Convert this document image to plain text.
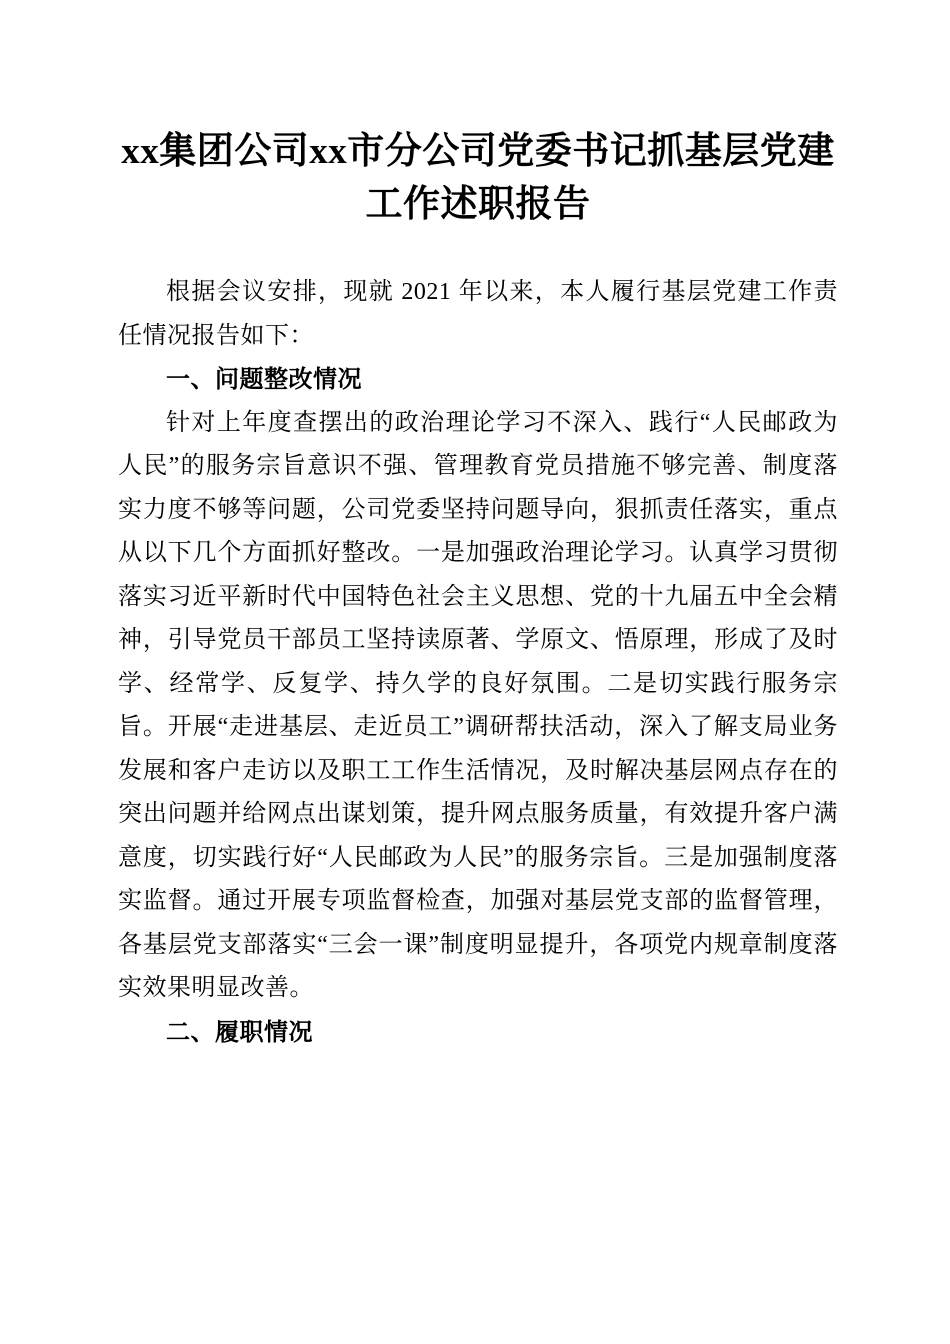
xx集团公司xx市分公司党委书记抓基层党建工作述职报告

根据会议安排，现就 2021 年以来，本人履行基层党建工作责任情况报告如下：

一、问题整改情况

针对上年度查摆出的政治理论学习不深入、践行“人民邮政为人民”的服务宗旨意识不强、管理教育党员措施不够完善、制度落实力度不够等问题，公司党委坚持问题导向，狠抓责任落实，重点从以下几个方面抓好整改。一是加强政治理论学习。认真学习贯彻落实习近平新时代中国特色社会主义思想、党的十九届五中全会精神，引导党员干部员工坚持读原著、学原文、悟原理，形成了及时学、经常学、反复学、持久学的良好氛围。二是切实践行服务宗旨。开展“走进基层、走近员工”调研帮扶活动，深入了解支局业务发展和客户走访以及职工工作生活情况，及时解决基层网点存在的突出问题并给网点出谋划策，提升网点服务质量，有效提升客户满意度，切实践行好“人民邮政为人民”的服务宗旨。三是加强制度落实监督。通过开展专项监督检查，加强对基层党支部的监督管理，各基层党支部落实“三会一课”制度明显提升，各项党内规章制度落实效果明显改善。

二、履职情况
